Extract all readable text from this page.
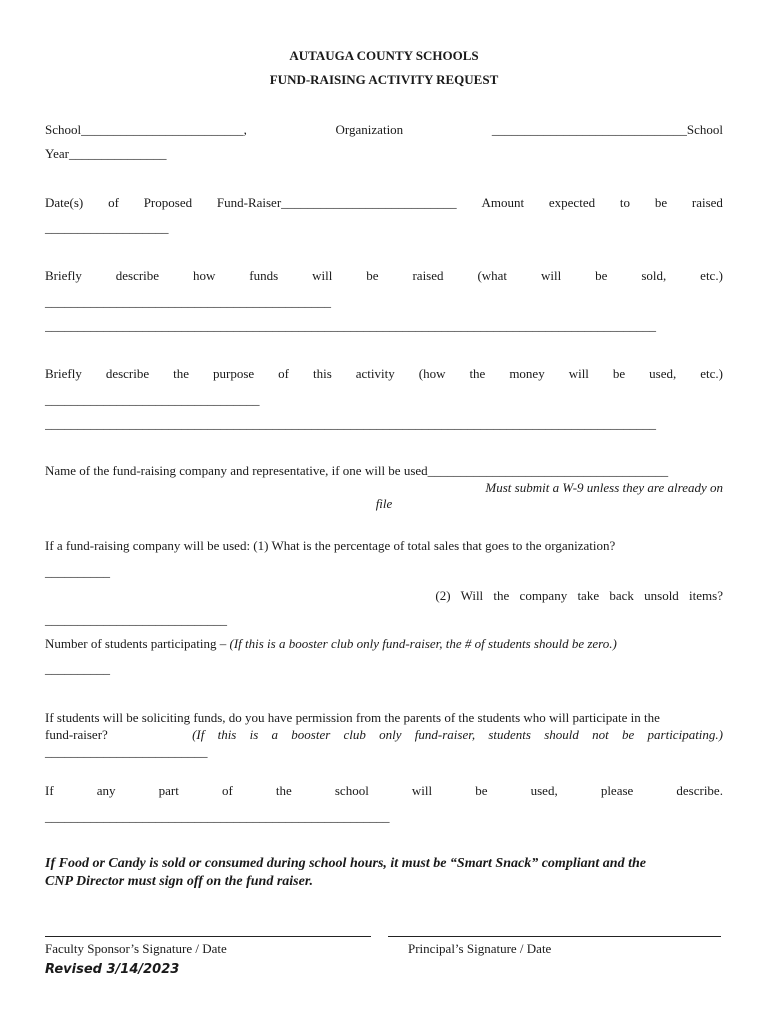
AUTAUGA COUNTY SCHOOLS
FUND-RAISING ACTIVITY REQUEST
School_________________________,	Organization	______________________________School
Year_______________
Date(s) of Proposed Fund-Raiser___________________________ Amount expected to be raised
___________________
Briefly	describe	how	funds	will	be	raised	(what	will	be	sold,	etc.)
____________________________________________
______________________________________________________________________________________________
Briefly describe the purpose of this activity (how the money will be used, etc.)
_________________________________
______________________________________________________________________________________________
Name of the fund-raising company and representative, if one will be used_____________________________________
Must submit a W-9 unless they are already on
file
If a fund-raising company will be used: (1) What is the percentage of total sales that goes to the organization?
__________
(2) Will the company take back unsold items?
____________________________
Number of students participating – (If this is a booster club only fund-raiser, the # of students should be zero.)
__________
If students will be soliciting funds, do you have permission from the parents of the students who will participate in the
fund-raiser?	(If this is a booster club only fund-raiser, students should not be participating.)
_________________________
If	any	part	of	the	school	will	be	used,	please	describe.
_____________________________________________________
If Food or Candy is sold or consumed during school hours, it must be “Smart Snack” compliant and the
CNP Director must sign off on the fund raiser.
Faculty Sponsor’s Signature / Date	Principal’s Signature / Date
Revised 3/14/2023
